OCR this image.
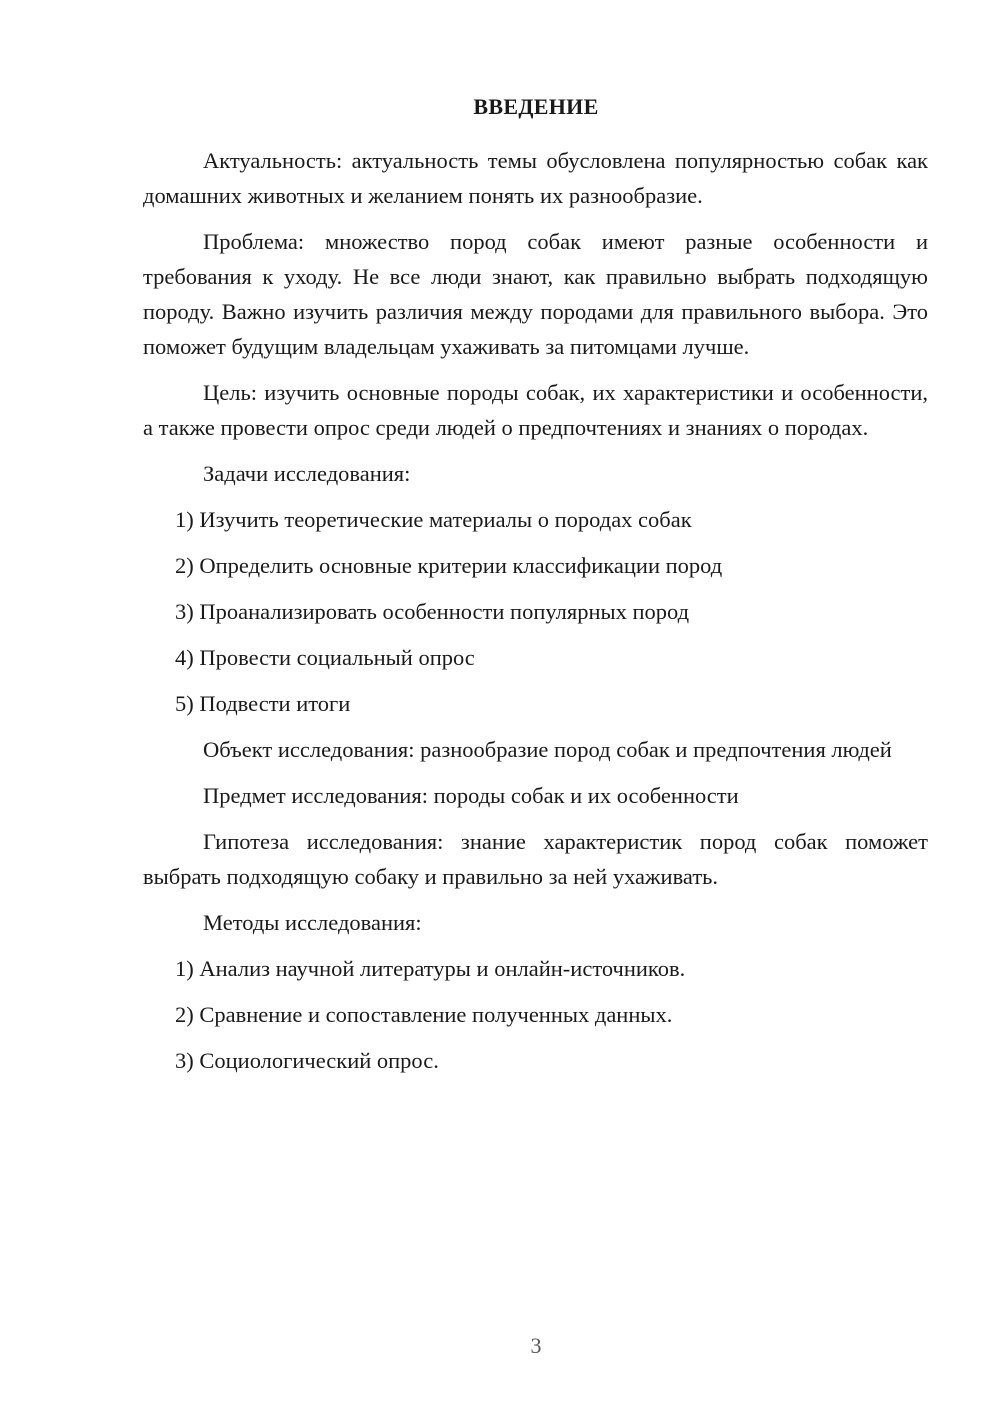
ВВЕДЕНИЕ

Актуальность: актуальность темы обусловлена популярностью собак как домашних животных и желанием понять их разнообразие.

Проблема: множество пород собак имеют разные особенности и требования к уходу. Не все люди знают, как правильно выбрать подходящую породу. Важно изучить различия между породами для правильного выбора. Это поможет будущим владельцам ухаживать за питомцами лучше.

Цель: изучить основные породы собак, их характеристики и особенности, а также провести опрос среди людей о предпочтениях и знаниях о породах.

Задачи исследования:

1) Изучить теоретические материалы о породах собак
2) Определить основные критерии классификации пород
3) Проанализировать особенности популярных пород
4) Провести социальный опрос
5) Подвести итоги

Объект исследования: разнообразие пород собак и предпочтения людей

Предмет исследования: породы собак и их особенности

Гипотеза исследования: знание характеристик пород собак поможет выбрать подходящую собаку и правильно за ней ухаживать.

Методы исследования:

1) Анализ научной литературы и онлайн-источников.
2) Сравнение и сопоставление полученных данных.
3) Социологический опрос.
3
